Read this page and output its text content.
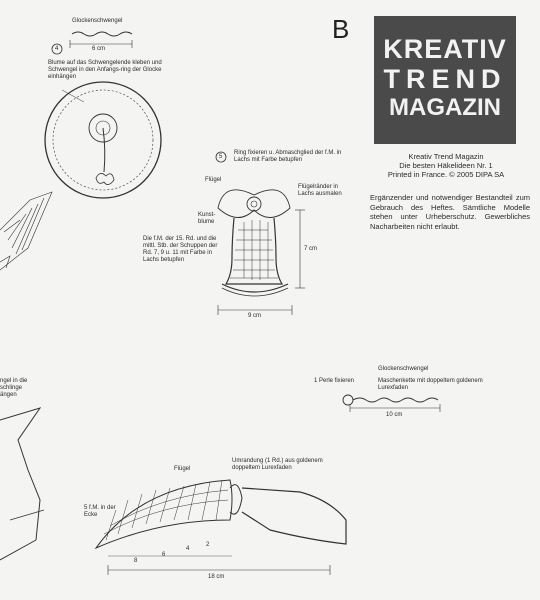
B
KREATIV
TREND
MAGAZIN
Kreativ Trend Magazin
Die besten Häkelideen Nr. 1
Printed in France. © 2005 DIPA SA
Ergänzender und notwendiger Bestandteil zum Gebrauch des Heftes. Sämtliche Modelle stehen unter Urheberschutz. Gewerbliches Nacharbeiten nicht erlaubt.
Glockenschwengel
4	6 cm
Blume auf das Schwengelende kleben und Schwengel in den Anfangs-ring der Glocke einhängen
5
Ring fixieren u. Abmaschglied der f.M. in Lachs mit Farbe betupfen
Flügel
Flügelränder in Lachs ausmalen
Kunst-blume
Die f.M. der 15. Rd. und die mittl. Stb. der Schuppen der Rd. 7, 9 u. 11 mit Farbe in Lachs betupfen
7 cm
9 cm
Glockenschwengel
1 Perle fixieren	Maschenkette mit doppeltem goldenem Lurexfaden
10 cm
Flügel
Umrandung (1 Rd.) aus goldenem doppeltem Lurexfaden
5 f.M. in der Ecke
8
6
4
2
18 cm
ngel in die
schlinge
ängen
